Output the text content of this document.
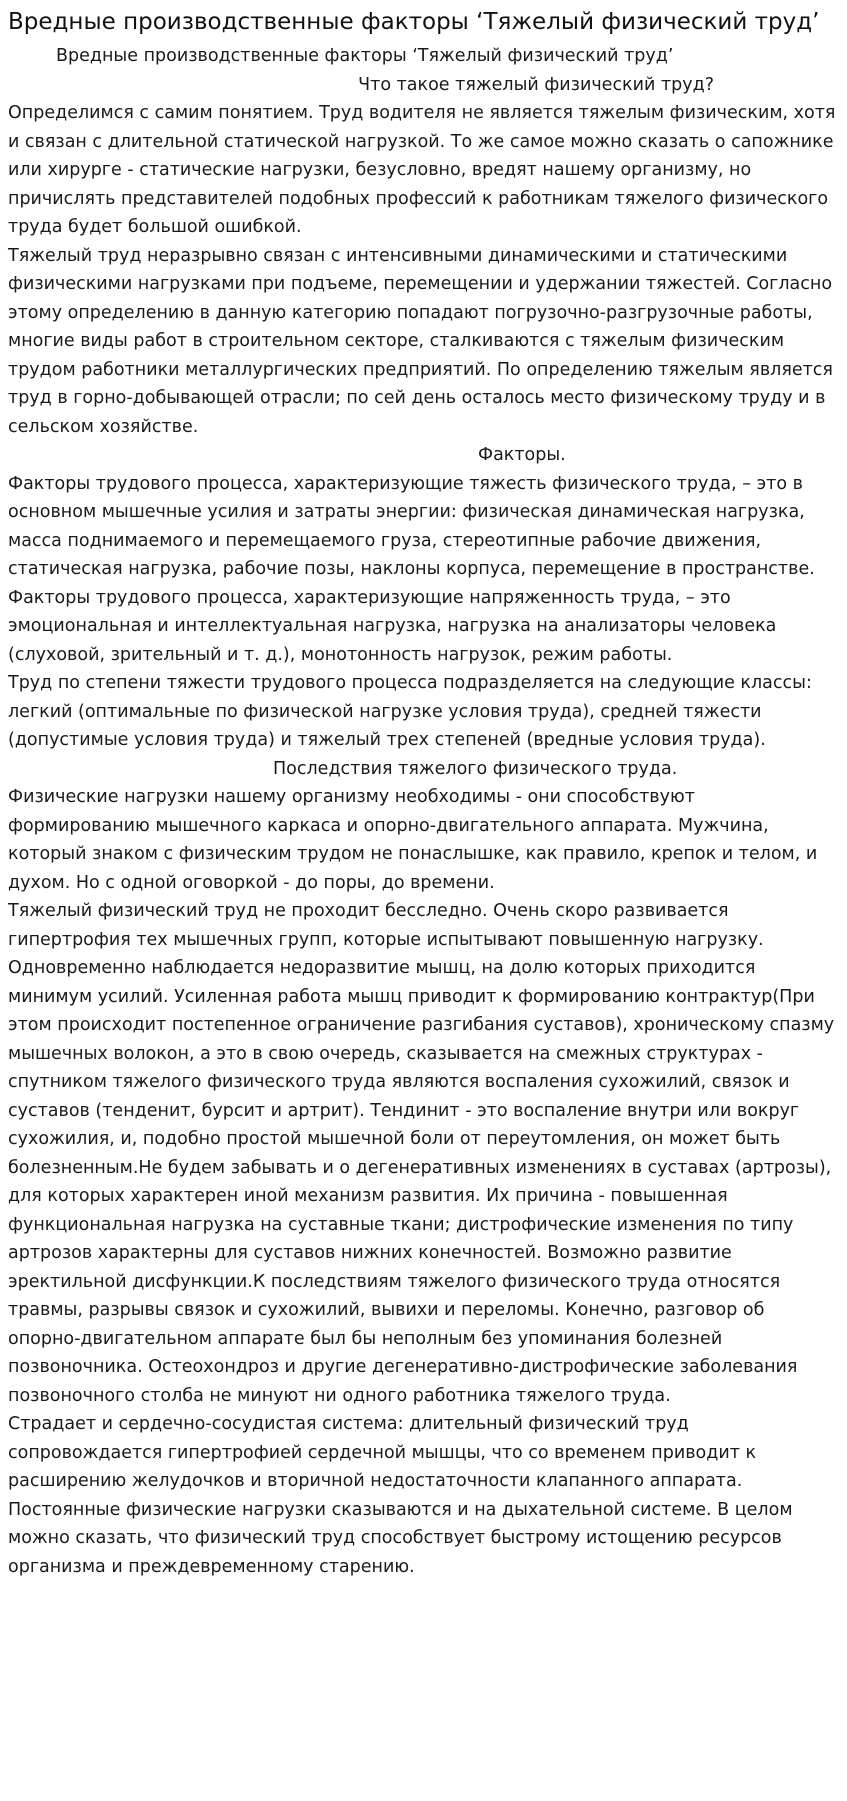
Вредные производственные факторы ‘Тяжелый физический труд’

Вредные производственные факторы ‘Тяжелый физический труд’

Что такое тяжелый физический труд?

Определимся с самим понятием. Труд водителя не является тяжелым физическим, хотя и связан с длительной статической нагрузкой. То же самое можно сказать о сапожнике или хирурге - статические нагрузки, безусловно, вредят нашему организму, но причислять представителей подобных профессий к работникам тяжелого физического труда будет большой ошибкой.

Тяжелый труд неразрывно связан с интенсивными динамическими и статическими физическими нагрузками при подъеме, перемещении и удержании тяжестей. Согласно этому определению в данную категорию попадают погрузочно-разгрузочные работы, многие виды работ в строительном секторе, сталкиваются с тяжелым физическим трудом работники металлургических предприятий. По определению тяжелым является труд в горно-добывающей отрасли; по сей день осталось место физическому труду и в сельском хозяйстве.

Факторы.

Факторы трудового процесса, характеризующие тяжесть физического труда, – это в основном мышечные усилия и затраты энергии: физическая динамическая нагрузка, масса поднимаемого и перемещаемого груза, стереотипные рабочие движения, статическая нагрузка, рабочие позы, наклоны корпуса, перемещение в пространстве.

Факторы трудового процесса, характеризующие напряженность труда, – это эмоциональная и интеллектуальная нагрузка, нагрузка на анализаторы человека (слуховой, зрительный и т. д.), монотонность нагрузок, режим работы.

Труд по степени тяжести трудового процесса подразделяется на следующие классы: легкий (оптимальные по физической нагрузке условия труда), средней тяжести (допустимые условия труда) и тяжелый трех степеней (вредные условия труда).

Последствия тяжелого физического труда.

Физические нагрузки нашему организму необходимы - они способствуют формированию мышечного каркаса и опорно-двигательного аппарата. Мужчина, который знаком с физическим трудом не понаслышке, как правило, крепок и телом, и духом. Но с одной оговоркой - до поры, до времени.

Тяжелый физический труд не проходит бесследно. Очень скоро развивается гипертрофия тех мышечных групп, которые испытывают повышенную нагрузку. Одновременно наблюдается недоразвитие мышц, на долю которых приходится минимум усилий. Усиленная работа мышц приводит к формированию контрактур(При этом происходит постепенное ограничение разгибания суставов), хроническому спазму мышечных волокон, а это в свою очередь, сказывается на смежных структурах - спутником тяжелого физического труда являются воспаления сухожилий, связок и суставов (тенденит, бурсит и артрит). Тендинит - это воспаление внутри или вокруг сухожилия, и, подобно простой мышечной боли от переутомления, он может быть болезненным.Не будем забывать и о дегенеративных изменениях в суставах (артрозы), для которых характерен иной механизм развития. Их причина - повышенная функциональная нагрузка на суставные ткани; дистрофические изменения по типу артрозов характерны для суставов нижних конечностей. Возможно развитие эректильной дисфункции.К последствиям тяжелого физического труда относятся травмы, разрывы связок и сухожилий, вывихи и переломы. Конечно, разговор об опорно-двигательном аппарате был бы неполным без упоминания болезней позвоночника. Остеохондроз и другие дегенеративно-дистрофические заболевания позвоночного столба не минуют ни одного работника тяжелого труда.

Страдает и сердечно-сосудистая система: длительный физический труд сопровождается гипертрофией сердечной мышцы, что со временем приводит к расширению желудочков и вторичной недостаточности клапанного аппарата. Постоянные физические нагрузки сказываются и на дыхательной системе. В целом можно сказать, что физический труд способствует быстрому истощению ресурсов организма и преждевременному старению.
